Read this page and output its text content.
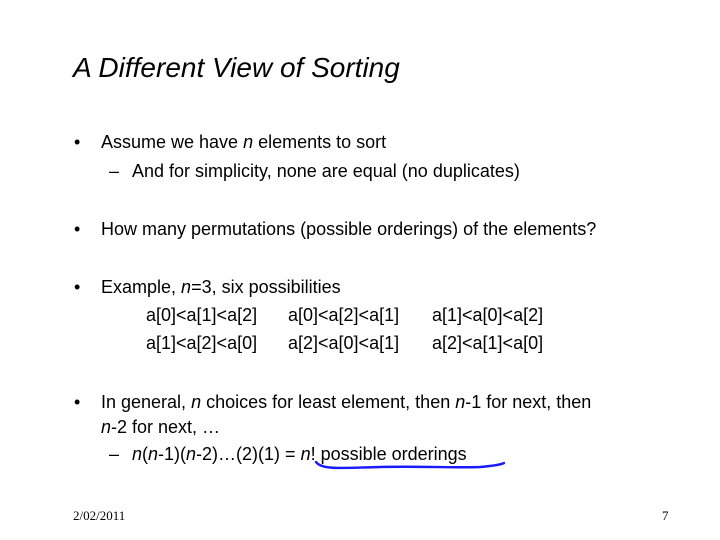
A Different View of Sorting
• Assume we have n elements to sort
– And for simplicity, none are equal (no duplicates)
• How many permutations (possible orderings) of the elements?
• Example, n=3, six possibilities
a[0]<a[1]<a[2] a[0]<a[2]<a[1] a[1]<a[0]<a[2]
a[1]<a[2]<a[0] a[2]<a[0]<a[1] a[2]<a[1]<a[0]
• In general, n choices for least element, then n-1 for next, then
n-2 for next, …
– n(n-1)(n-2)…(2)(1) = n! possible orderings
2/02/2011	7
